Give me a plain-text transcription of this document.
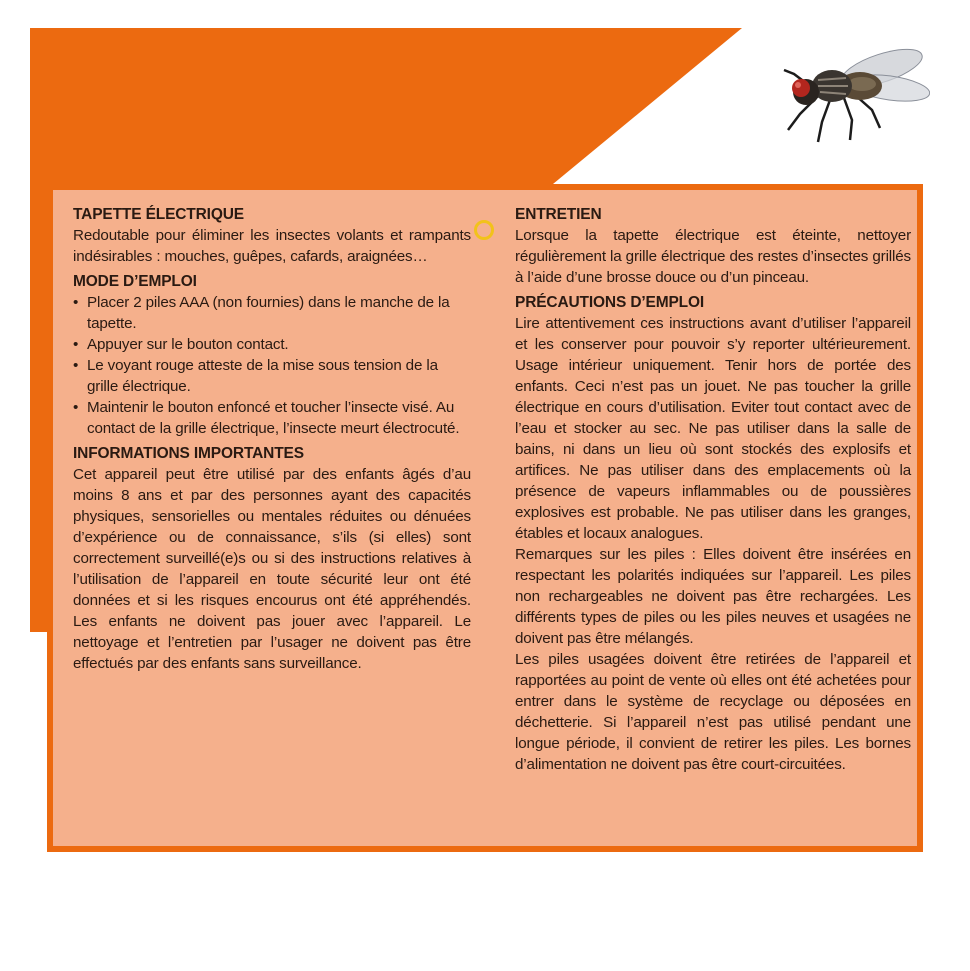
TAPETTE ÉLECTRIQUE

Redoutable pour éliminer les insectes volants et rampants indésirables : mouches, guêpes, cafards, araignées…

MODE D’EMPLOI
• Placer 2 piles AAA (non fournies) dans le manche de la tapette.
• Appuyer sur le bouton contact.
• Le voyant rouge atteste de la mise sous tension de la grille électrique.
• Maintenir le bouton enfoncé et toucher l’insecte visé. Au contact de la grille électrique, l’insecte meurt électrocuté.
INFORMATIONS IMPORTANTES

Cet appareil peut être utilisé par des enfants âgés d’au moins 8 ans et par des personnes ayant des capacités physiques, sensorielles ou mentales réduites ou dénuées d’expérience ou de connaissance, s’ils (si elles) sont correctement surveillé(e)s ou si des instructions relatives à l’utilisation de l’appareil en toute sécurité leur ont été données et si les risques encourus ont été appréhendés. Les enfants ne doivent pas jouer avec l’appareil. Le nettoyage et l’entretien par l’usager ne doivent pas être effectués par des enfants sans surveillance.

ENTRETIEN

Lorsque la tapette électrique est éteinte, nettoyer régulièrement la grille électrique des restes d’insectes grillés à l’aide d’une brosse douce ou d’un pinceau.

PRÉCAUTIONS D’EMPLOI

Lire attentivement ces instructions avant d’utiliser l’appareil et les conserver pour pouvoir s’y reporter ultérieurement. Usage intérieur uniquement. Tenir hors de portée des enfants. Ceci n’est pas un jouet. Ne pas toucher la grille électrique en cours d’utilisation. Eviter tout contact avec de l’eau et stocker au sec. Ne pas utiliser dans la salle de bains, ni dans un lieu où sont stockés des explosifs et artifices. Ne pas utiliser dans des emplacements où la présence de vapeurs inflammables ou de poussières explosives est probable. Ne pas utiliser dans les granges, étables et locaux analogues.

Remarques sur les piles : Elles doivent être insérées en respectant les polarités indiquées sur l’appareil. Les piles non rechargeables ne doivent pas être rechargées. Les différents types de piles ou les piles neuves et usagées ne doivent pas être mélangés.

Les piles usagées doivent être retirées de l’appareil et rapportées au point de vente où elles ont été achetées pour entrer dans le système de recyclage ou déposées en déchetterie. Si l’appareil n’est pas utilisé pendant une longue période, il convient de retirer les piles. Les bornes d’alimentation ne doivent pas être court-circuitées.
